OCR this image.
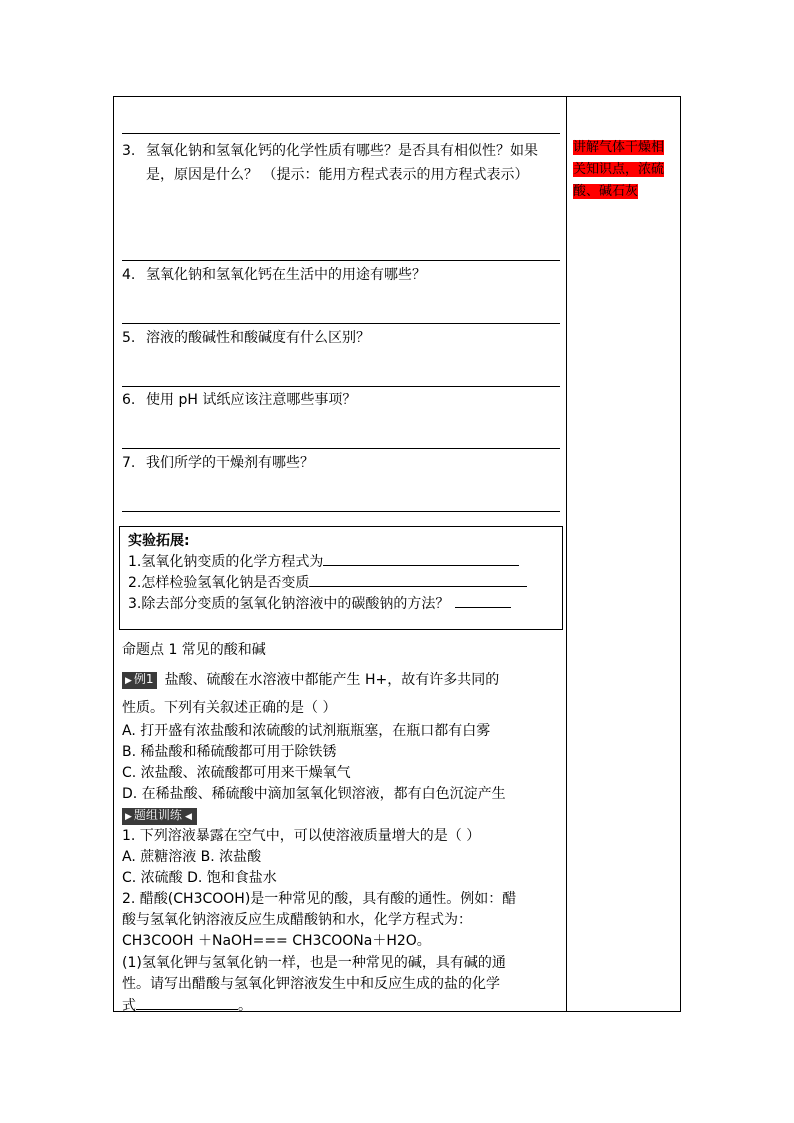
3. 氢氧化钠和氢氧化钙的化学性质有哪些？是否具有相似性？如果是，原因是什么？ （提示：能用方程式表示的用方程式表示）
4. 氢氧化钠和氢氧化钙在生活中的用途有哪些？
5. 溶液的酸碱性和酸碱度有什么区别？
6. 使用 pH 试纸应该注意哪些事项？
7. 我们所学的干燥剂有哪些？
实验拓展:
1.氢氧化钠变质的化学方程式为
2.怎样检验氢氧化钠是否变质
3.除去部分变质的氢氧化钠溶液中的碳酸钠的方法？
命题点 1 常见的酸和碱
▶ 例1 盐酸、硫酸在水溶液中都能产生 H+，故有许多共同的
性质。下列有关叙述正确的是（ ）
A. 打开盛有浓盐酸和浓硫酸的试剂瓶瓶塞，在瓶口都有白雾
B. 稀盐酸和稀硫酸都可用于除铁锈
C. 浓盐酸、浓硫酸都可用来干燥氧气
D. 在稀盐酸、稀硫酸中滴加氢氧化钡溶液，都有白色沉淀产生
▶ 题组训练 ◀
1. 下列溶液暴露在空气中，可以使溶液质量增大的是（ ）
A. 蔗糖溶液 B. 浓盐酸
C. 浓硫酸 D. 饱和食盐水
2. 醋酸(CH3COOH)是一种常见的酸，具有酸的通性。例如：醋
酸与氢氧化钠溶液反应生成醋酸钠和水，化学方程式为：
CH3COOH ＋NaOH=== CH3COONa＋H2O。
(1)氢氧化钾与氢氧化钠一样，也是一种常见的碱，具有碱的通
性。请写出醋酸与氢氧化钾溶液发生中和反应生成的盐的化学
式	。
讲解气体干燥相关知识点，浓硫酸、碱石灰
